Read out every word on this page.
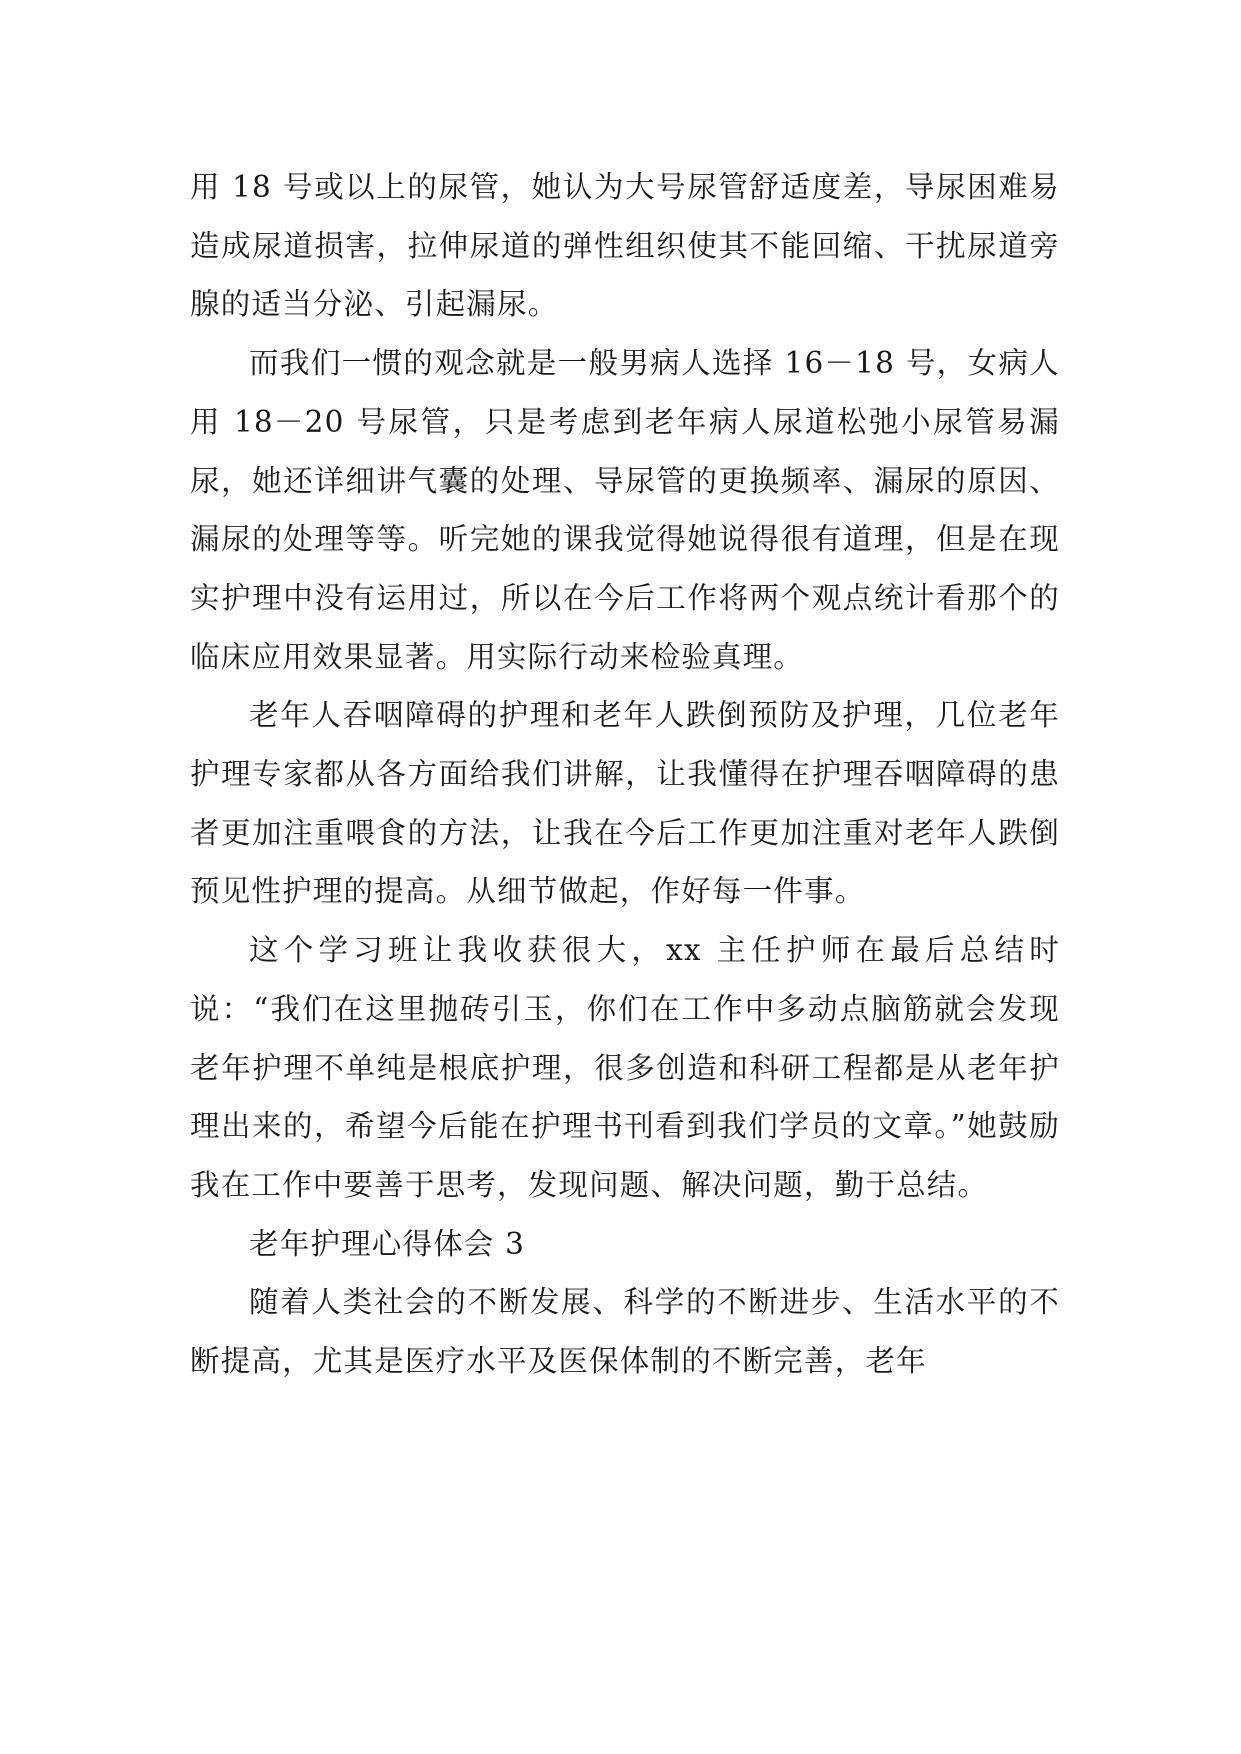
用 18 号或以上的尿管，她认为大号尿管舒适度差，导尿困难易造成尿道损害，拉伸尿道的弹性组织使其不能回缩、干扰尿道旁腺的适当分泌、引起漏尿。

而我们一惯的观念就是一般男病人选择 16－18 号，女病人用 18－20 号尿管，只是考虑到老年病人尿道松弛小尿管易漏尿，她还详细讲气囊的处理、导尿管的更换频率、漏尿的原因、漏尿的处理等等。听完她的课我觉得她说得很有道理，但是在现实护理中没有运用过，所以在今后工作将两个观点统计看那个的临床应用效果显著。用实际行动来检验真理。

老年人吞咽障碍的护理和老年人跌倒预防及护理，几位老年护理专家都从各方面给我们讲解，让我懂得在护理吞咽障碍的患者更加注重喂食的方法，让我在今后工作更加注重对老年人跌倒预见性护理的提高。从细节做起，作好每一件事。

这个学习班让我收获很大，xx 主任护师在最后总结时说：“我们在这里抛砖引玉，你们在工作中多动点脑筋就会发现老年护理不单纯是根底护理，很多创造和科研工程都是从老年护理出来的，希望今后能在护理书刊看到我们学员的文章。”她鼓励我在工作中要善于思考，发现问题、解决问题，勤于总结。

老年护理心得体会 3

随着人类社会的不断发展、科学的不断进步、生活水平的不断提高，尤其是医疗水平及医保体制的不断完善，老年
